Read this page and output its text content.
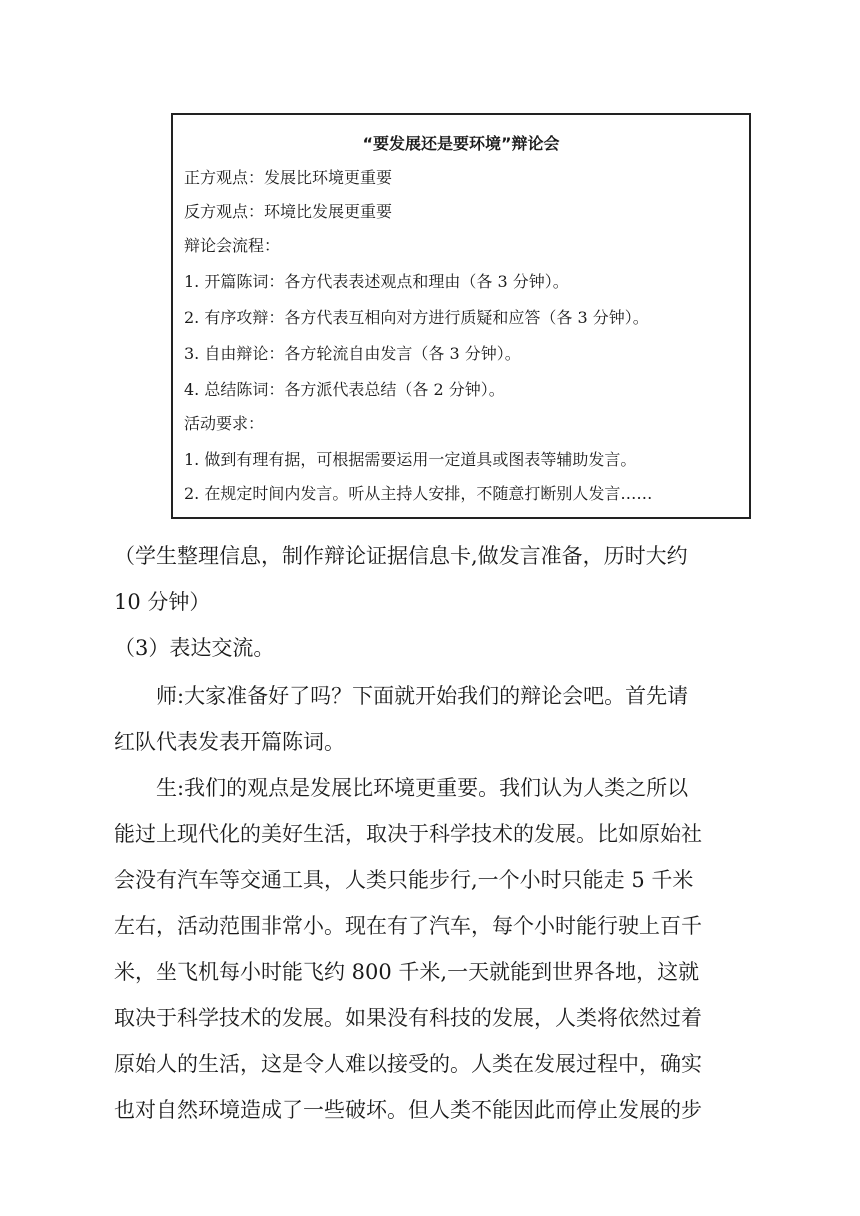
“要发展还是要环境”辩论会
正方观点：发展比环境更重要
反方观点：环境比发展更重要
辩论会流程：
1. 开篇陈词：各方代表表述观点和理由（各 3 分钟）。
2. 有序攻辩：各方代表互相向对方进行质疑和应答（各 3 分钟）。
3. 自由辩论：各方轮流自由发言（各 3 分钟）。
4. 总结陈词：各方派代表总结（各 2 分钟）。
活动要求：
1. 做到有理有据，可根据需要运用一定道具或图表等辅助发言。
2. 在规定时间内发言。听从主持人安排，不随意打断别人发言……
（学生整理信息，制作辩论证据信息卡,做发言准备，历时大约
10 分钟）
（3）表达交流。
　　师:大家准备好了吗？下面就开始我们的辩论会吧。首先请
红队代表发表开篇陈词。
　　生:我们的观点是发展比环境更重要。我们认为人类之所以
能过上现代化的美好生活，取决于科学技术的发展。比如原始社
会没有汽车等交通工具，人类只能步行,一个小时只能走 5 千米
左右，活动范围非常小。现在有了汽车，每个小时能行驶上百千
米，坐飞机每小时能飞约 800 千米,一天就能到世界各地，这就
取决于科学技术的发展。如果没有科技的发展，人类将依然过着
原始人的生活，这是令人难以接受的。人类在发展过程中，确实
也对自然环境造成了一些破坏。但人类不能因此而停止发展的步
